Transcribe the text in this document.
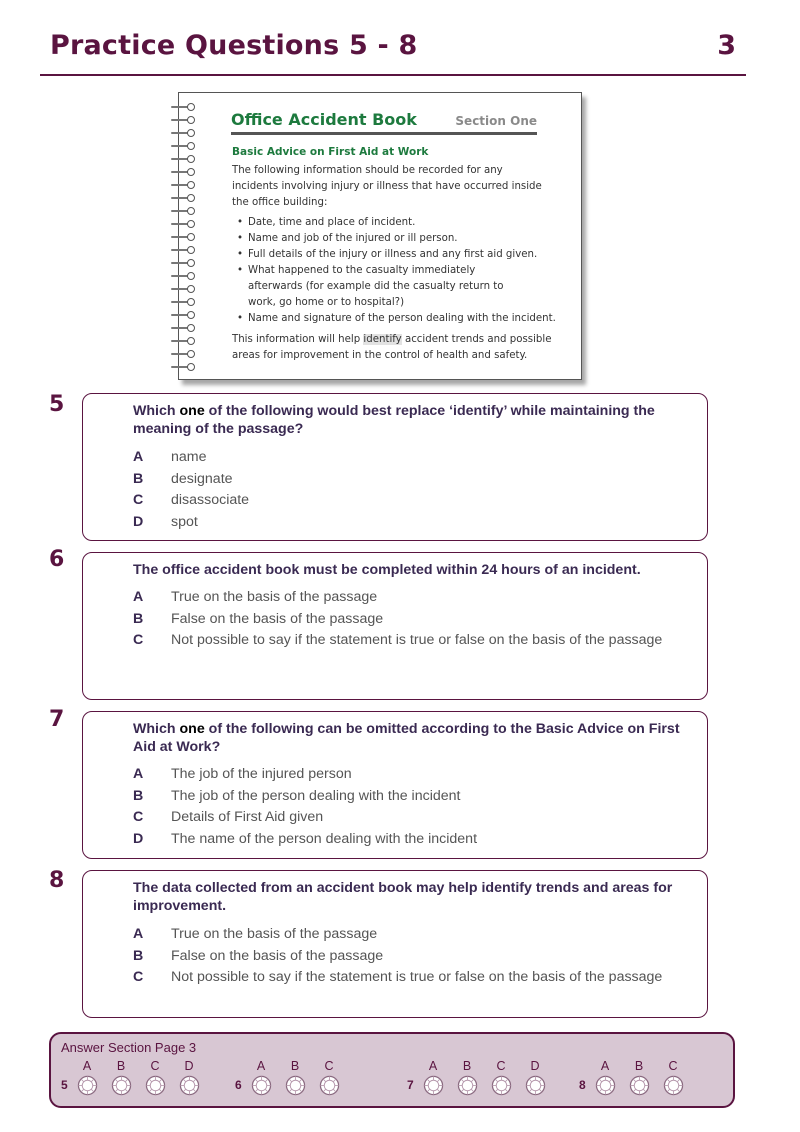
Practice Questions 5 - 8	3
Office Accident Book	Section One
Basic Advice on First Aid at Work
The following information should be recorded for any incidents involving injury or illness that have occurred inside the office building:
• Date, time and place of incident.
• Name and job of the injured or ill person.
• Full details of the injury or illness and any first aid given.
• What happened to the casualty immediately afterwards (for example did the casualty return to work, go home or to hospital?)
• Name and signature of the person dealing with the incident.
This information will help identify accident trends and possible areas for improvement in the control of health and safety.
5	Which one of the following would best replace ‘identify’ while maintaining the meaning of the passage?
A name
B designate
C disassociate
D spot
6	The office accident book must be completed within 24 hours of an incident.
A True on the basis of the passage
B False on the basis of the passage
C Not possible to say if the statement is true or false on the basis of the passage
7	Which one of the following can be omitted according to the Basic Advice on First Aid at Work?
A The job of the injured person
B The job of the person dealing with the incident
C Details of First Aid given
D The name of the person dealing with the incident
8	The data collected from an accident book may help identify trends and areas for improvement.
A True on the basis of the passage
B False on the basis of the passage
C Not possible to say if the statement is true or false on the basis of the passage
Answer Section Page 3
5
A	B	C	D
6
A	B	C
7
A	B	C	D
8
A	B	C
